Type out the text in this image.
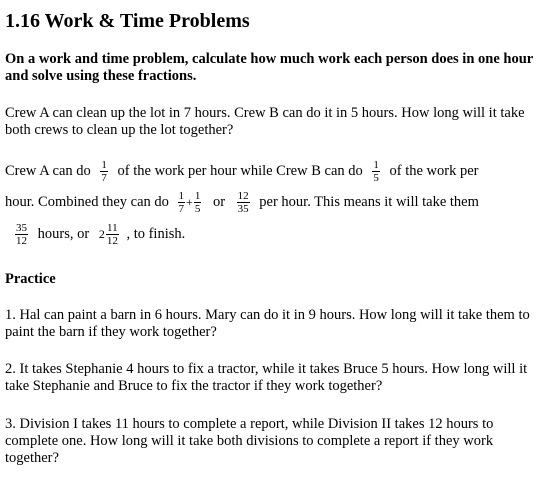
1.16 Work & Time Problems

On a work and time problem, calculate how much work each person does in one hour and solve using these fractions.

Crew A can clean up the lot in 7 hours. Crew B can do it in 5 hours. How long will it take both crews to clean up the lot together?

Crew A can do $\frac{1}{7}$ of the work per hour while Crew B can do $\frac{1}{5}$ of the work per
hour. Combined they can do $\frac{1}{7} + \frac{1}{5}$ or $\frac{12}{35}$ per hour. This means it will take them
$\frac{35}{12}$ hours, or $2 \frac{11}{12}$ , to finish.
Practice

1. Hal can paint a barn in 6 hours. Mary can do it in 9 hours. How long will it take them to paint the barn if they work together?

2. It takes Stephanie 4 hours to fix a tractor, while it takes Bruce 5 hours. How long will it take Stephanie and Bruce to fix the tractor if they work together?

3. Division I takes 11 hours to complete a report, while Division II takes 12 hours to complete one. How long will it take both divisions to complete a report if they work together?
